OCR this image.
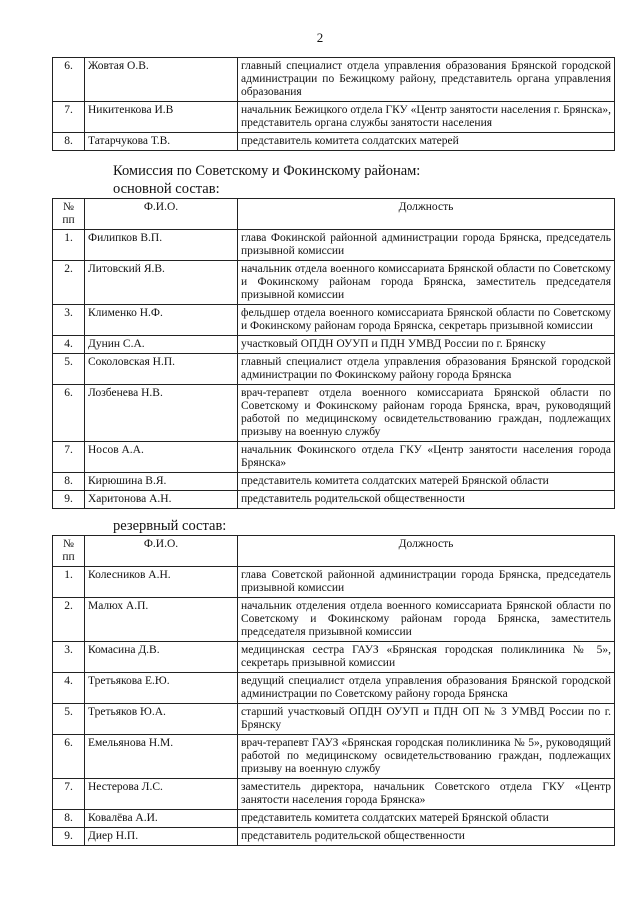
2
6.	Жовтая О.В.	главный специалист отдела управления образования Брянской городской администрации по Бежицкому району, представитель органа управления образования
7.	Никитенкова И.В	начальник Бежицкого отдела ГКУ «Центр занятости населения г. Брянска», представитель органа службы занятости населения
8.	Татарчукова Т.В.	представитель комитета солдатских матерей
Комиссия по Советскому и Фокинскому районам:
основной состав:
№ пп	Ф.И.О.	Должность
1.	Филипков В.П.	глава Фокинской районной администрации города Брянска, председатель призывной комиссии
2.	Литовский Я.В.	начальник отдела военного комиссариата Брянской области по Советскому и Фокинскому районам города Брянска, заместитель председателя призывной комиссии
3.	Клименко Н.Ф.	фельдшер отдела военного комиссариата Брянской области по Советскому и Фокинскому районам города Брянска, секретарь призывной комиссии
4.	Дунин С.А.	участковый ОПДН ОУУП и ПДН УМВД России по г. Брянску
5.	Соколовская Н.П.	главный специалист отдела управления образования Брянской городской администрации по Фокинскому району города Брянска
6.	Лозбенева Н.В.	врач-терапевт отдела военного комиссариата Брянской области по Советскому и Фокинскому районам города Брянска, врач, руководящий работой по медицинскому освидетельствованию граждан, подлежащих призыву на военную службу
7.	Носов А.А.	начальник Фокинского отдела ГКУ «Центр занятости населения города Брянска»
8.	Кирюшина В.Я.	представитель комитета солдатских матерей Брянской области
9.	Харитонова А.Н.	представитель родительской общественности
резервный состав:
№ пп	Ф.И.О.	Должность
1.	Колесников А.Н.	глава Советской районной администрации города Брянска, председатель призывной комиссии
2.	Малюх А.П.	начальник отделения отдела военного комиссариата Брянской области по Советскому и Фокинскому районам города Брянска, заместитель председателя призывной комиссии
3.	Комасина Д.В.	медицинская сестра ГАУЗ «Брянская городская поликлиника № 5», секретарь призывной комиссии
4.	Третьякова Е.Ю.	ведущий специалист отдела управления образования Брянской городской администрации по Советскому району города Брянска
5.	Третьяков Ю.А.	старший участковый ОПДН ОУУП и ПДН ОП № 3 УМВД России по г. Брянску
6.	Емельянова Н.М.	врач-терапевт ГАУЗ «Брянская городская поликлиника № 5», руководящий работой по медицинскому освидетельствованию граждан, подлежащих призыву на военную службу
7.	Нестерова Л.С.	заместитель директора, начальник Советского отдела ГКУ «Центр занятости населения города Брянска»
8.	Ковалёва А.И.	представитель комитета солдатских матерей Брянской области
9.	Диер Н.П.	представитель родительской общественности
